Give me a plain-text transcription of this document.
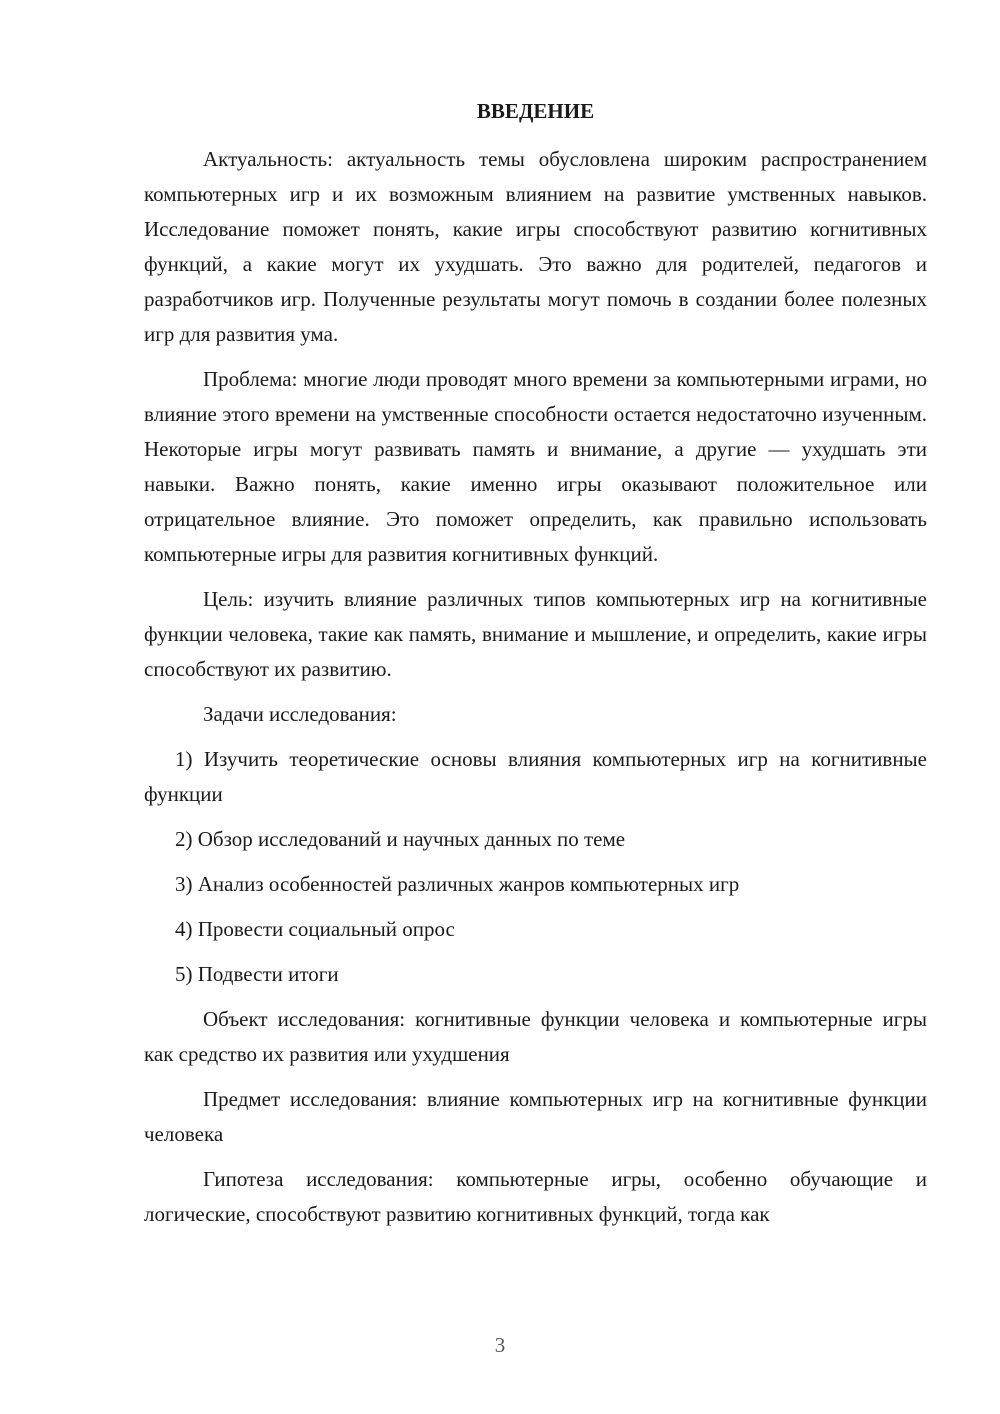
ВВЕДЕНИЕ

Актуальность: актуальность темы обусловлена широким распространением компьютерных игр и их возможным влиянием на развитие умственных навыков. Исследование поможет понять, какие игры способствуют развитию когнитивных функций, а какие могут их ухудшать. Это важно для родителей, педагогов и разработчиков игр. Полученные результаты могут помочь в создании более полезных игр для развития ума.

Проблема: многие люди проводят много времени за компьютерными играми, но влияние этого времени на умственные способности остается недостаточно изученным. Некоторые игры могут развивать память и внимание, а другие — ухудшать эти навыки. Важно понять, какие именно игры оказывают положительное или отрицательное влияние. Это поможет определить, как правильно использовать компьютерные игры для развития когнитивных функций.

Цель: изучить влияние различных типов компьютерных игр на когнитивные функции человека, такие как память, внимание и мышление, и определить, какие игры способствуют их развитию.

Задачи исследования:

1) Изучить теоретические основы влияния компьютерных игр на когнитивные функции

2) Обзор исследований и научных данных по теме

3) Анализ особенностей различных жанров компьютерных игр

4) Провести социальный опрос

5) Подвести итоги

Объект исследования: когнитивные функции человека и компьютерные игры как средство их развития или ухудшения

Предмет исследования: влияние компьютерных игр на когнитивные функции человека

Гипотеза исследования: компьютерные игры, особенно обучающие и логические, способствуют развитию когнитивных функций, тогда как

3
